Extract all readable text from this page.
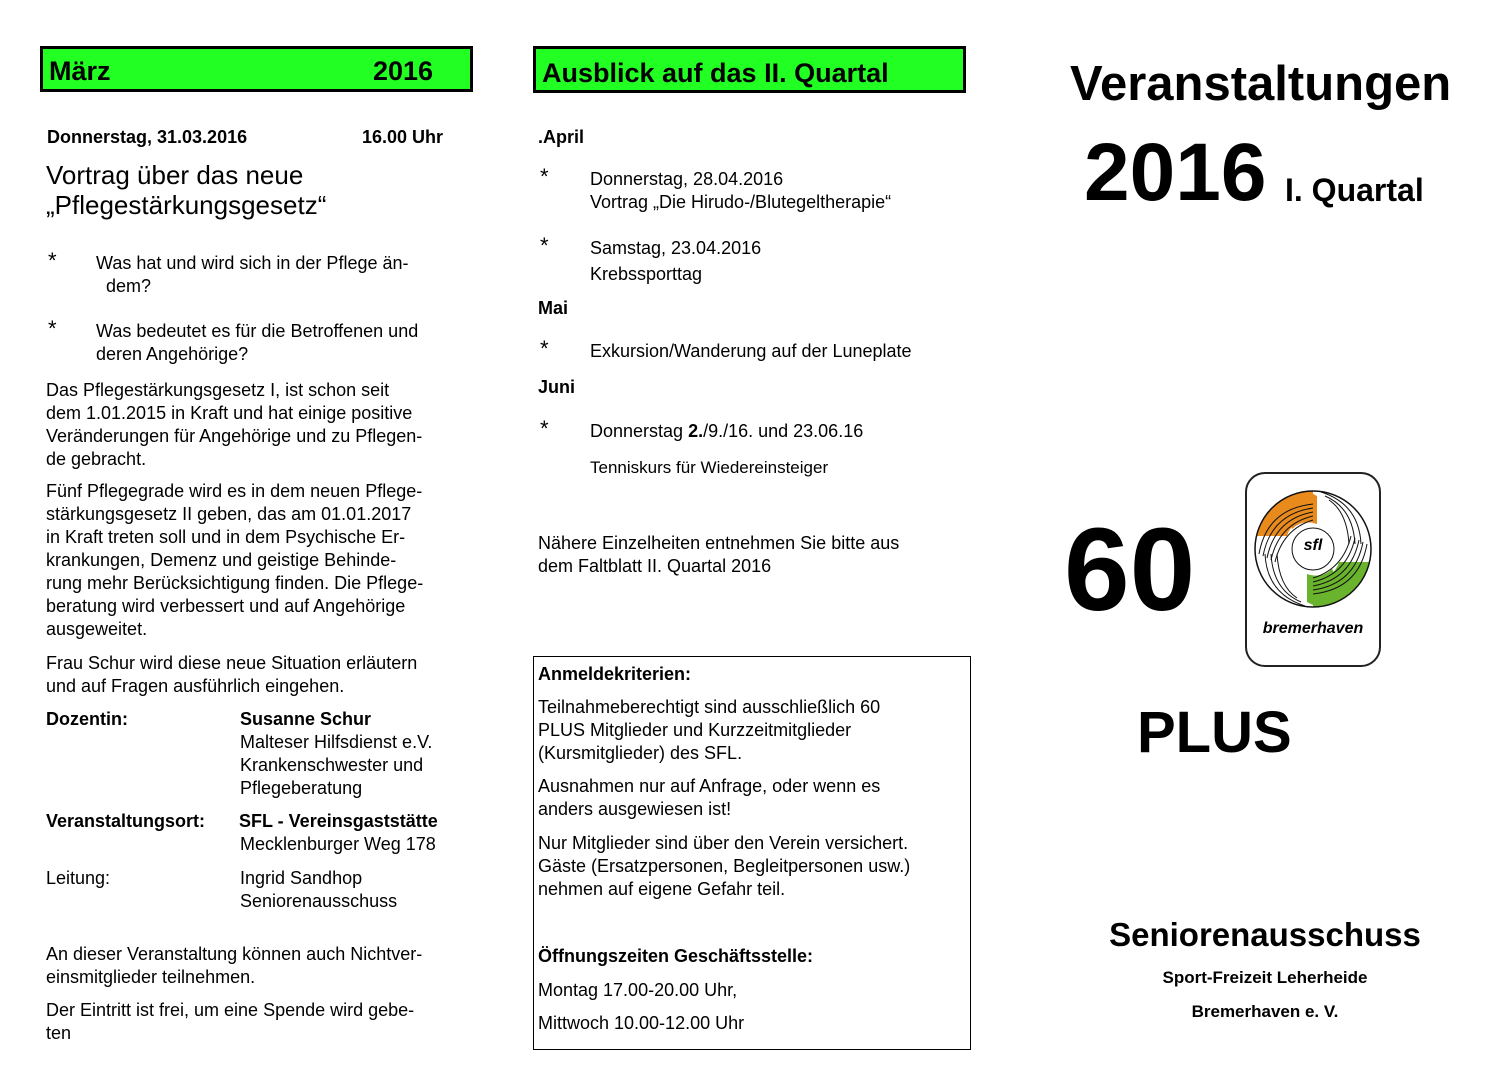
März	2016
Donnerstag, 31.03.2016	16.00 Uhr
Vortrag über das neue
„Pflegestärkungsgesetz“
*	Was hat und wird sich in der Pflege än-
dem?
*	Was bedeutet es für die Betroffenen und
deren Angehörige?
Das Pflegestärkungsgesetz I, ist schon seit
dem 1.01.2015 in Kraft und hat einige positive
Veränderungen für Angehörige und zu Pflegen-
de gebracht.
Fünf Pflegegrade wird es in dem neuen Pflege-
stärkungsgesetz II geben, das am 01.01.2017
in Kraft treten soll und in dem Psychische Er-
krankungen, Demenz und geistige Behinde-
rung mehr Berücksichtigung finden. Die Pflege-
beratung wird verbessert und auf Angehörige
ausgeweitet.
Frau Schur wird diese neue Situation erläutern
und auf Fragen ausführlich eingehen.
Dozentin:	Susanne Schur
Malteser Hilfsdienst e.V.
Krankenschwester und
Pflegeberatung
Veranstaltungsort: SFL - Vereinsgaststätte
Mecklenburger Weg 178
Leitung:	Ingrid Sandhop
Seniorenausschuss
An dieser Veranstaltung können auch Nichtver-
einsmitglieder teilnehmen.
Der Eintritt ist frei, um eine Spende wird gebe-
ten
Ausblick auf das II. Quartal
.April
*	Donnerstag, 28.04.2016
Vortrag „Die Hirudo-/Blutegeltherapie“
*	Samstag, 23.04.2016
Krebssporttag
Mai
*	Exkursion/Wanderung auf der Luneplate
Juni
*	Donnerstag 2./9./16. und 23.06.16
Tenniskurs für Wiedereinsteiger
Nähere Einzelheiten entnehmen Sie bitte aus
dem Faltblatt II. Quartal 2016
Anmeldekriterien:
Teilnahmeberechtigt sind ausschließlich 60
PLUS Mitglieder und Kurzzeitmitglieder
(Kursmitglieder) des SFL.
Ausnahmen nur auf Anfrage, oder wenn es
anders ausgewiesen ist!
Nur Mitglieder sind über den Verein versichert.
Gäste (Ersatzpersonen, Begleitpersonen usw.)
nehmen auf eigene Gefahr teil.
Öffnungszeiten Geschäftsstelle:
Montag 17.00-20.00 Uhr,
Mittwoch 10.00-12.00 Uhr
Veranstaltungen
2016 I. Quartal
60	sfl
bremerhaven
PLUS
Seniorenausschuss
Sport-Freizeit Leherheide
Bremerhaven e. V.
